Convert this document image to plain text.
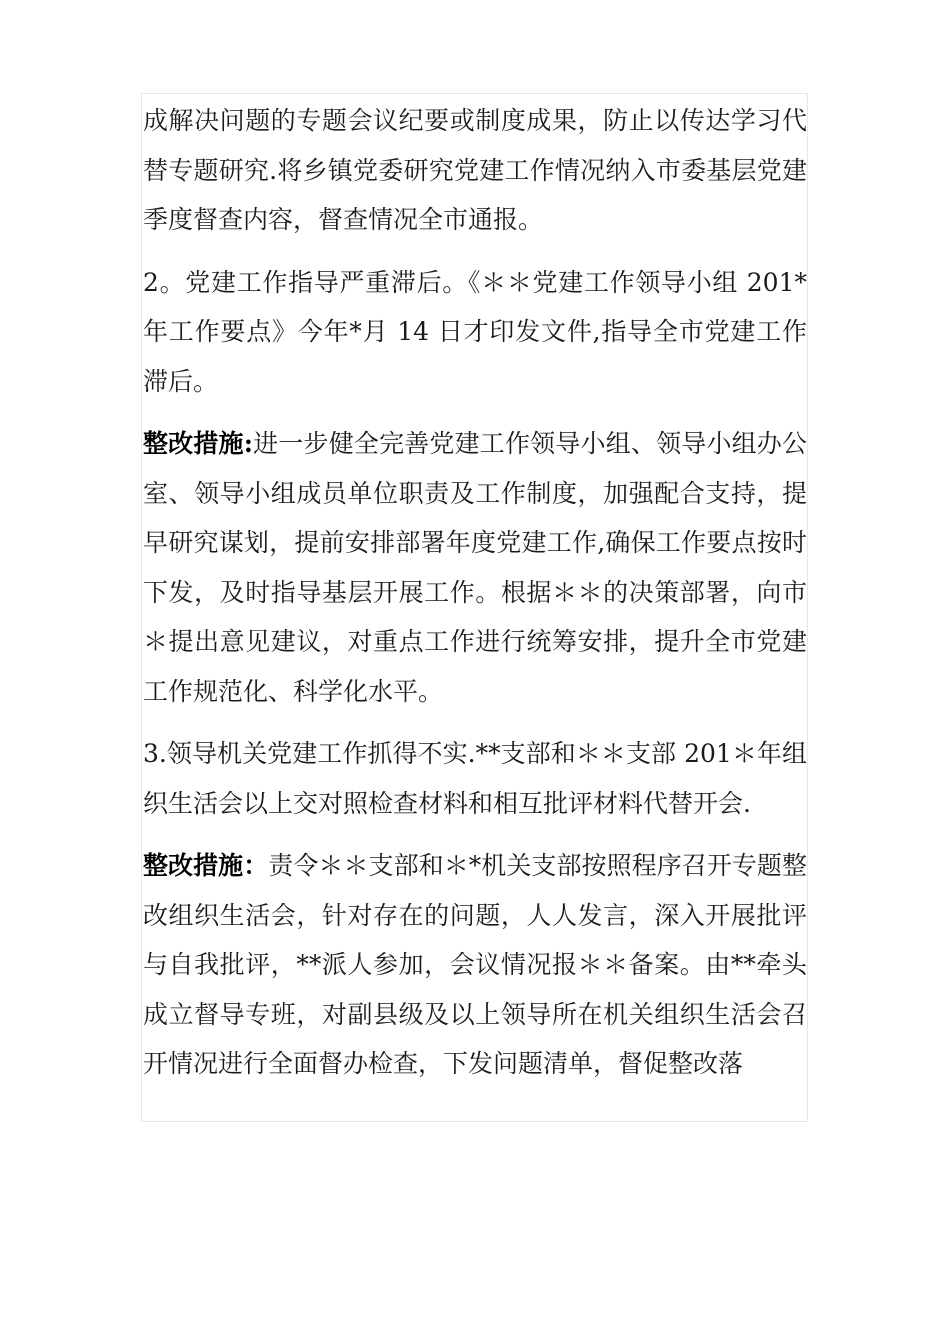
成解决问题的专题会议纪要或制度成果，防止以传达学习代替专题研究.将乡镇党委研究党建工作情况纳入市委基层党建季度督查内容，督查情况全市通报。

2。党建工作指导严重滞后。《＊＊党建工作领导小组 201*年工作要点》今年*月 14 日才印发文件,指导全市党建工作滞后。

整改措施:进一步健全完善党建工作领导小组、领导小组办公室、领导小组成员单位职责及工作制度，加强配合支持，提早研究谋划，提前安排部署年度党建工作,确保工作要点按时下发，及时指导基层开展工作。根据＊＊的决策部署，向市＊提出意见建议，对重点工作进行统筹安排，提升全市党建工作规范化、科学化水平。

3.领导机关党建工作抓得不实.**支部和＊＊支部 201＊年组织生活会以上交对照检查材料和相互批评材料代替开会.

整改措施：责令＊＊支部和＊*机关支部按照程序召开专题整改组织生活会，针对存在的问题，人人发言，深入开展批评与自我批评，**派人参加，会议情况报＊＊备案。由**牵头成立督导专班，对副县级及以上领导所在机关组织生活会召开情况进行全面督办检查，下发问题清单，督促整改落
